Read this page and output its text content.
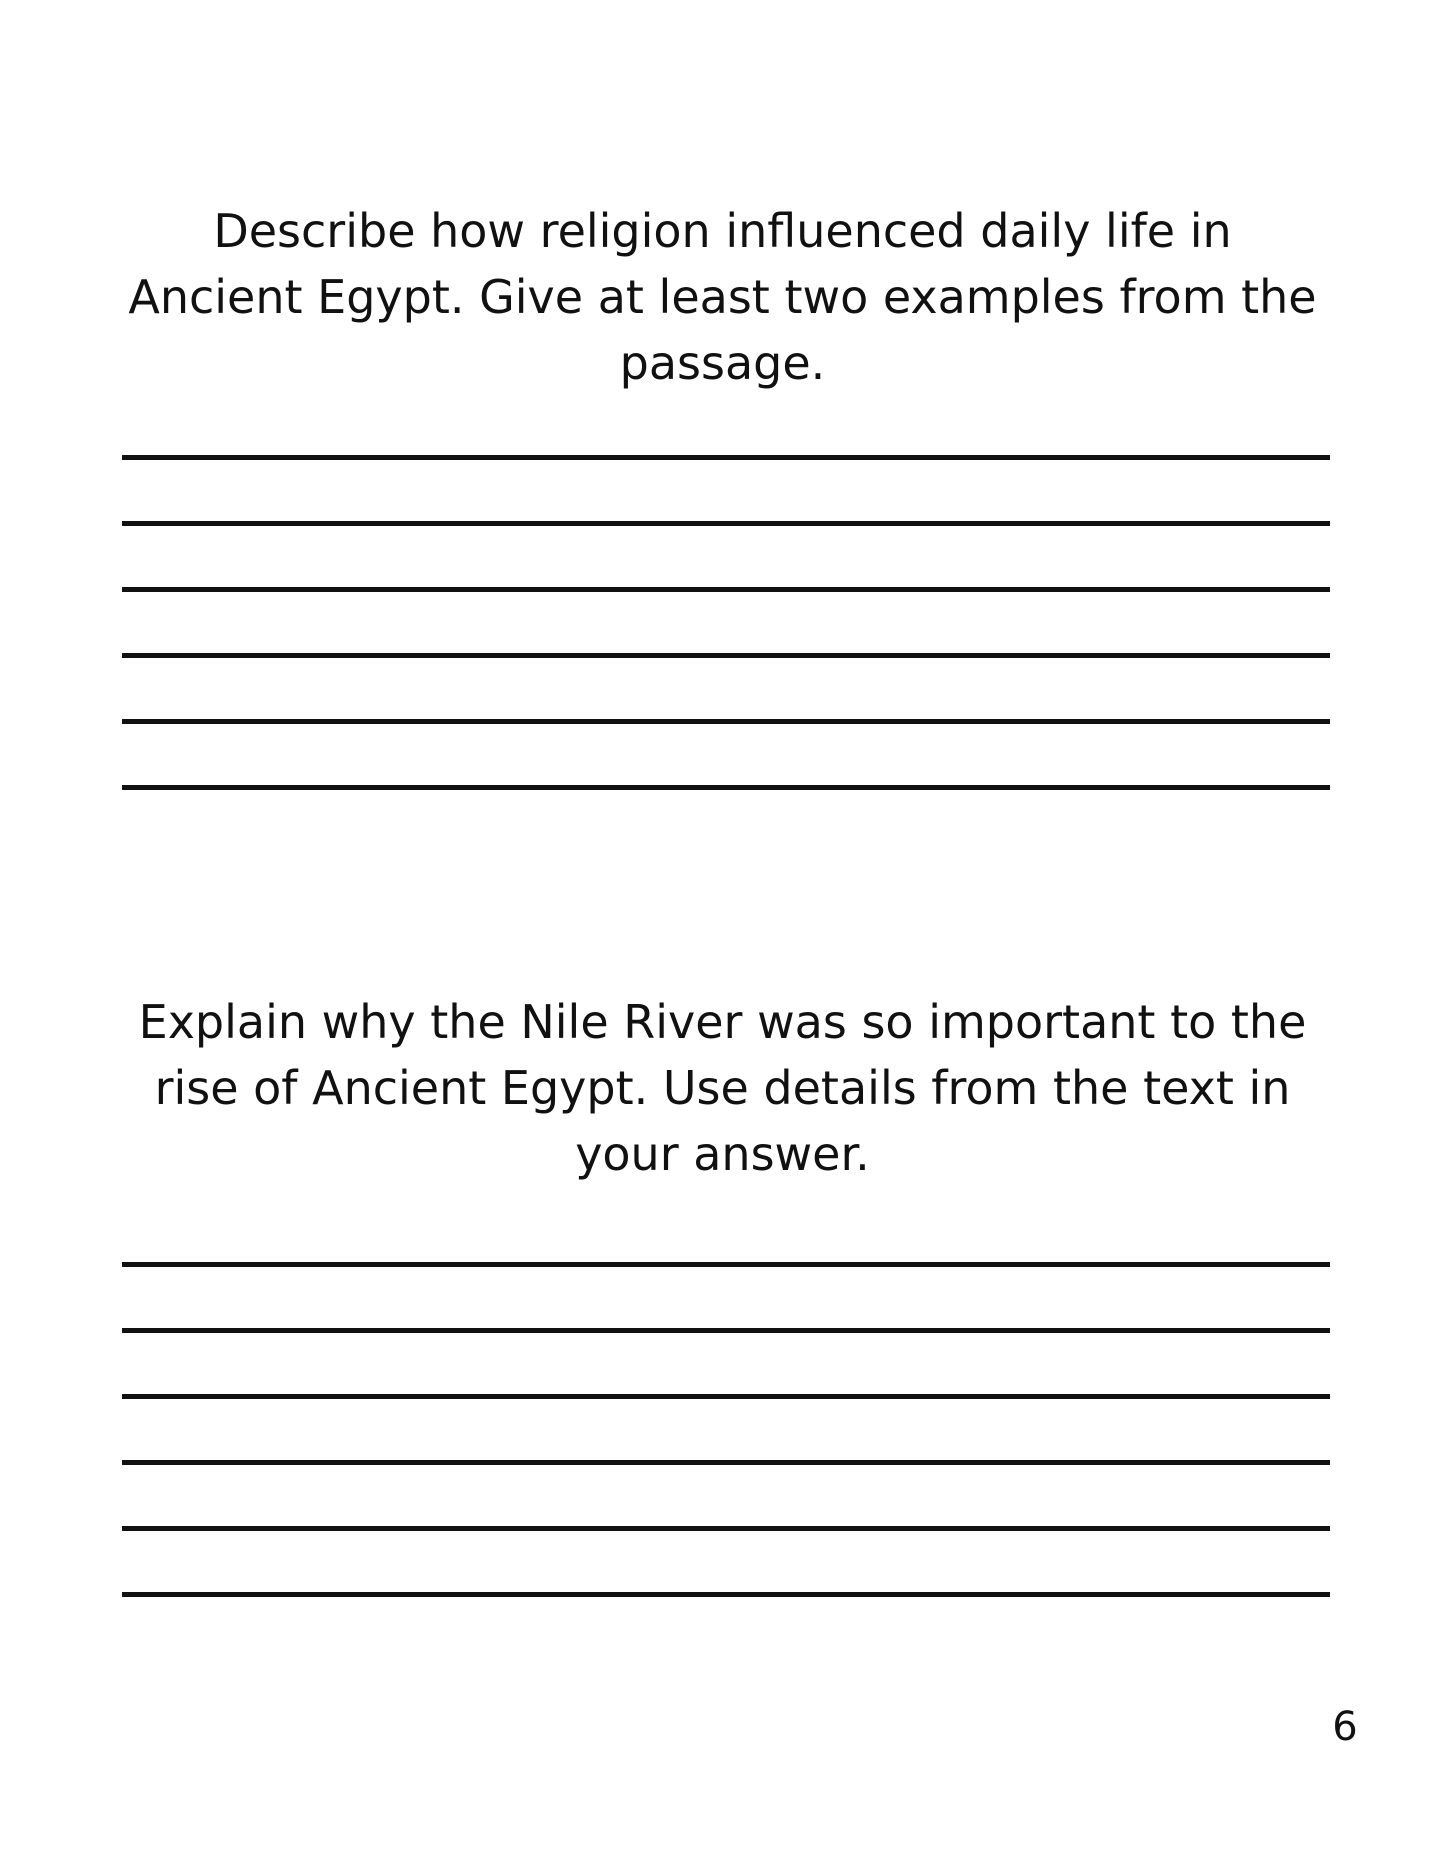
Describe how religion influenced daily life in
Ancient Egypt. Give at least two examples from the
passage.

Explain why the Nile River was so important to the
rise of Ancient Egypt. Use details from the text in
your answer.

6
